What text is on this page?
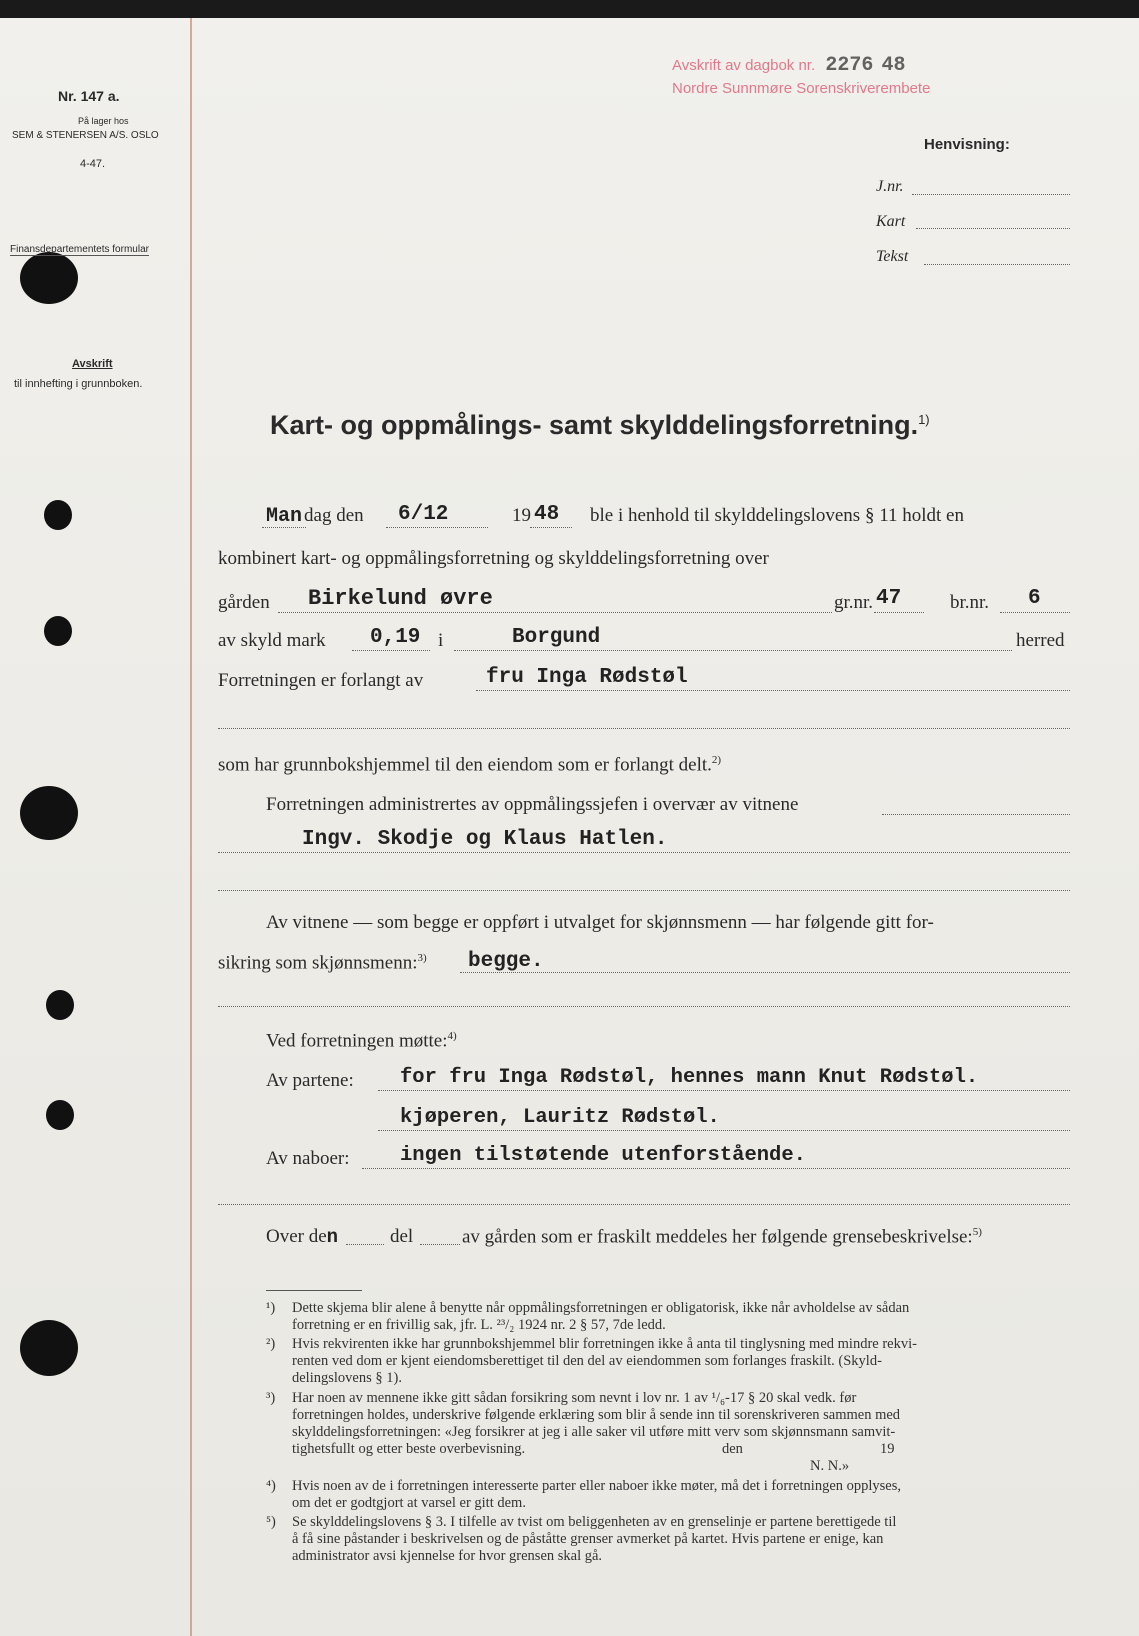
Avskrift av dagbok nr. 2276 48
Nordre Sunnmøre Sorenskriverembete
Nr. 147 a.
På lager hos
SEM & STENERSEN A/S. OSLO
4-47.
Finansdepartementets formular
Avskrift
til innhefting i grunnboken.
Henvisning:
J.nr.
Kart
Tekst
Kart- og oppmålings- samt skylddelingsforretning.$^{1)}$
Man dag den 6/12	19 48 ble i henhold til skylddelingslovens § 11 holdt en
kombinert kart- og oppmålingsforretning og skylddelingsforretning over
gården Birkelund øvre	gr.nr. 47	br.nr. 6
av skyld mark 0,19 i	Borgund	herred
Forretningen er forlangt av	fru Inga Rødstøl
som har grunnbokshjemmel til den eiendom som er forlangt delt.$^{2)}$
Forretningen administrertes av oppmålingssjefen i overvær av vitnene
Ingv. Skodje og Klaus Hatlen.
Av vitnene — som begge er oppført i utvalget for skjønnsmenn — har følgende gitt for-
sikring som skjønnsmenn:$^{3)}$ begge.
Ved forretningen møtte:$^{4)}$
Av partene: for fru Inga Rødstøl, hennes mann Knut Rødstøl.
kjøperen, Lauritz Rødstøl.
Av naboer: ingen tilstøtende utenforstående.
Over den	del	av gården som er fraskilt meddeles her følgende grensebeskrivelse:$^{5)}$
¹) Dette skjema blir alene å benytte når oppmålingsforretningen er obligatorisk, ikke når avholdelse av sådan
forretning er en frivillig sak, jfr. L. ²³/₂ 1924 nr. 2 § 57, 7de ledd.
²) Hvis rekvirenten ikke har grunnbokshjemmel blir forretningen ikke å anta til tinglysning med mindre rekvi-
renten ved dom er kjent eiendomsberettiget til den del av eiendommen som forlanges fraskilt. (Skyld-
delingslovens § 1).
³) Har noen av mennene ikke gitt sådan forsikring som nevnt i lov nr. 1 av ¹/₆-17 § 20 skal vedk. før
forretningen holdes, underskrive følgende erklæring som blir å sende inn til sorenskriveren sammen med
skylddelingsforretningen: «Jeg forsikrer at jeg i alle saker vil utføre mitt verv som skjønnsmann samvit-
tighetsfullt og etter beste overbevisning.	den	19
N. N.»
⁴) Hvis noen av de i forretningen interesserte parter eller naboer ikke møter, må det i forretningen opplyses,
om det er godtgjort at varsel er gitt dem.
⁵) Se skylddelingslovens § 3. I tilfelle av tvist om beliggenheten av en grenselinje er partene berettigede til
å få sine påstander i beskrivelsen og de påståtte grenser avmerket på kartet. Hvis partene er enige, kan
administrator avsi kjennelse for hvor grensen skal gå.
